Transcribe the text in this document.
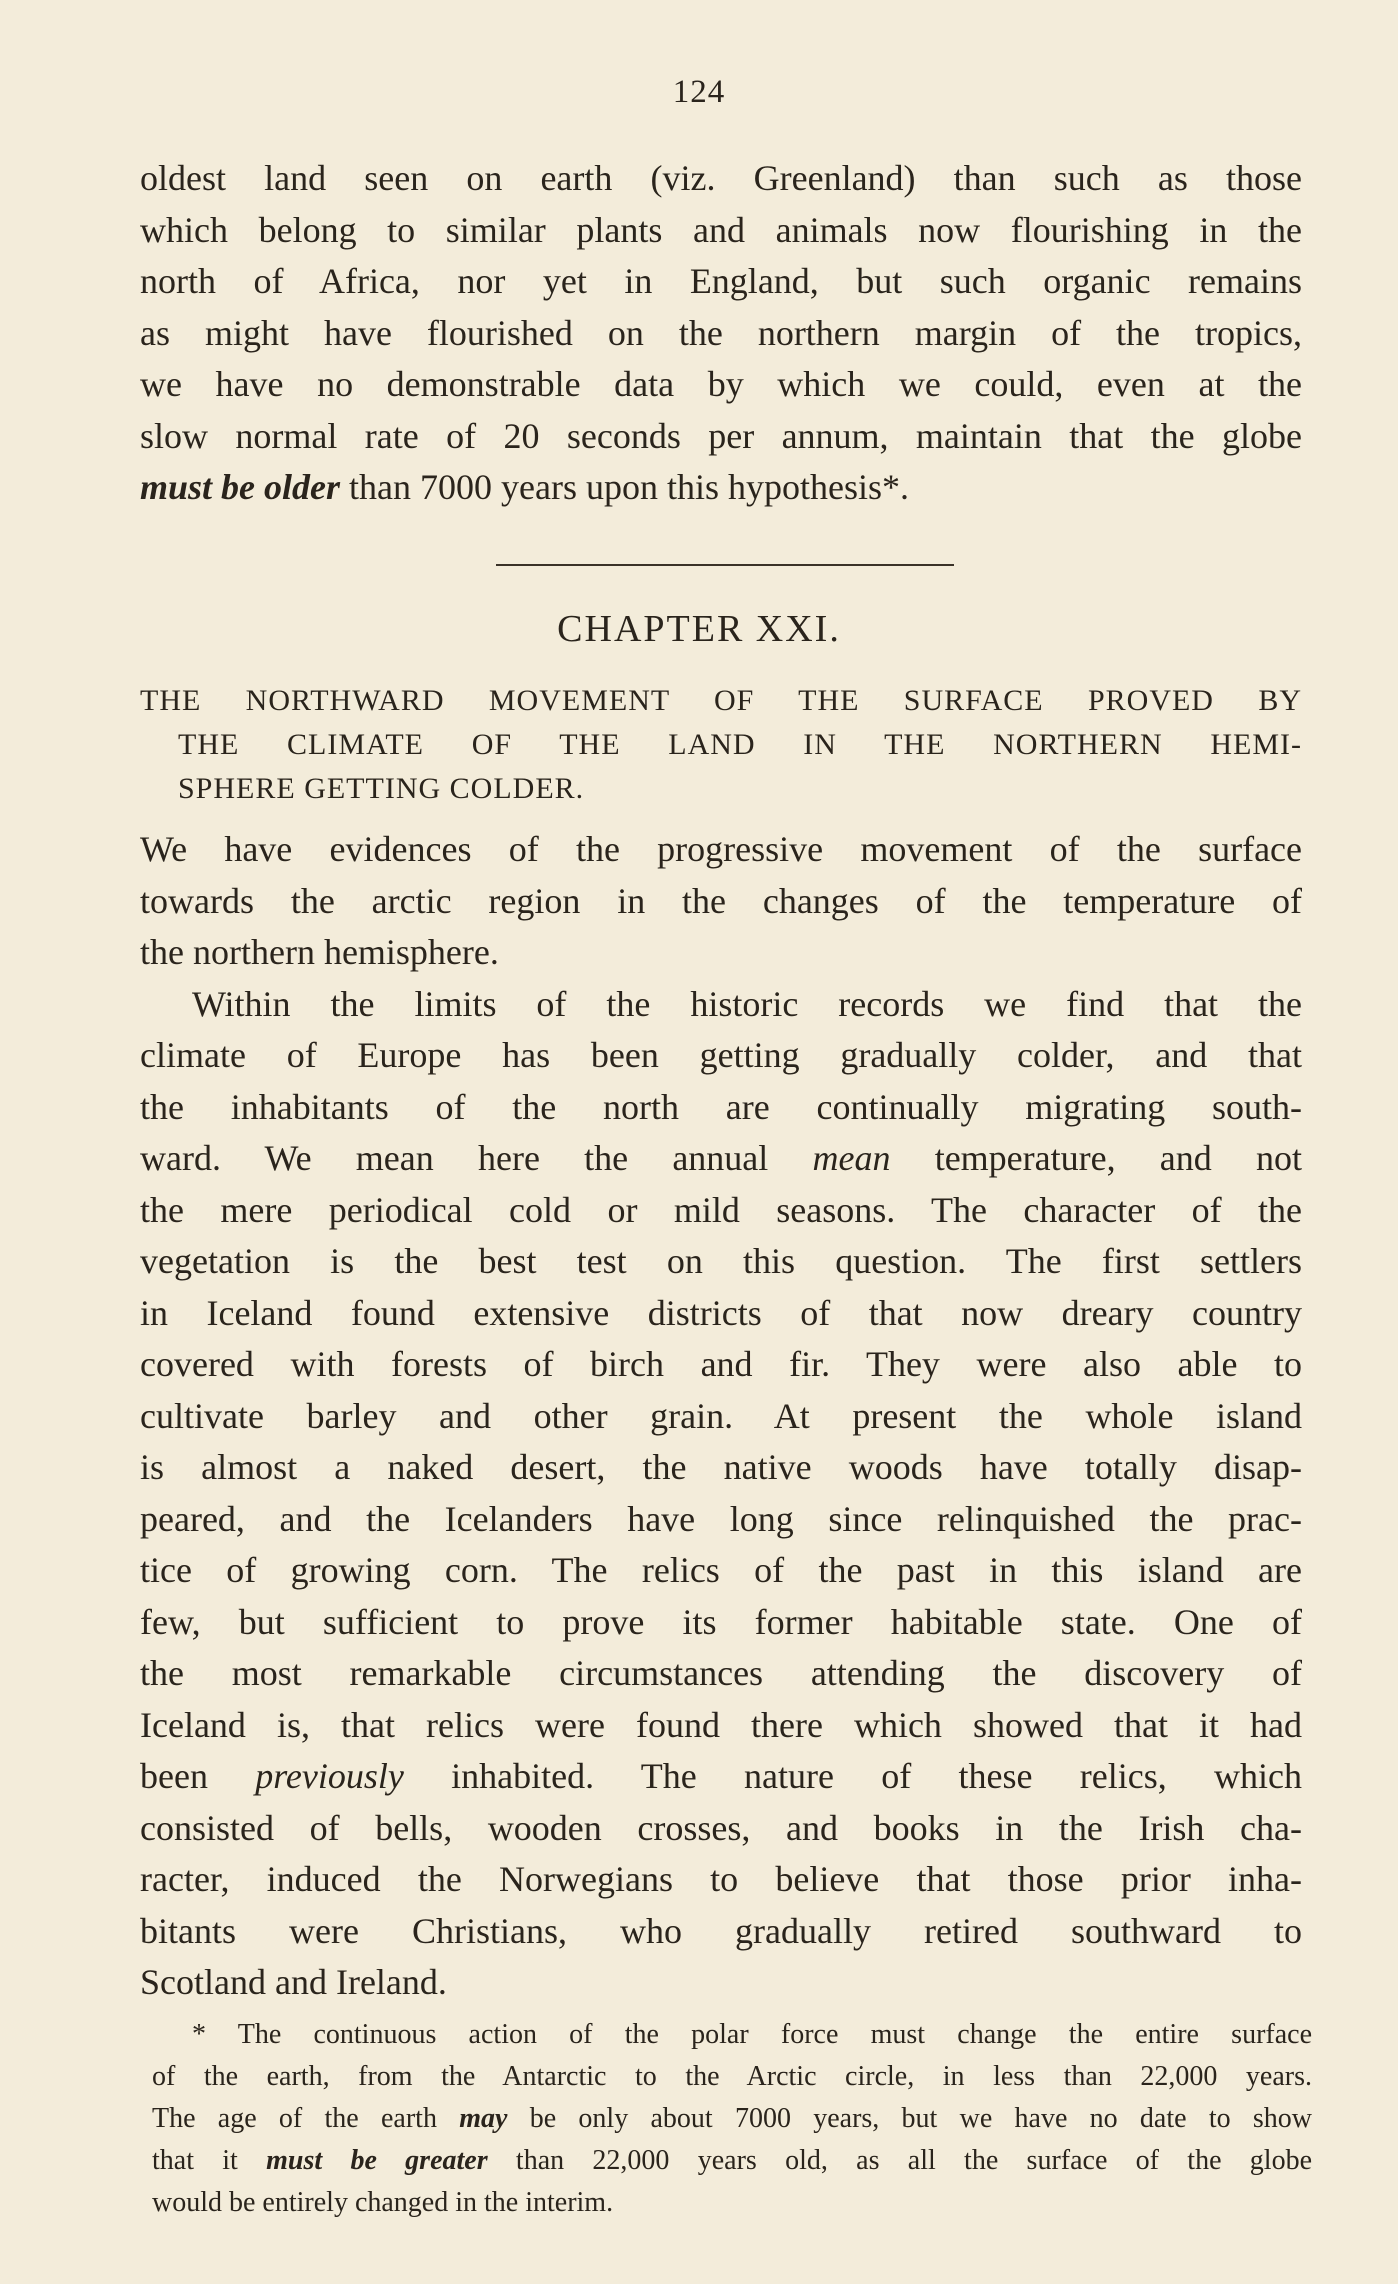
124
oldest land seen on earth (viz. Greenland) than such as those
which belong to similar plants and animals now flourishing in the
north of Africa, nor yet in England, but such organic remains
as might have flourished on the northern margin of the tropics,
we have no demonstrable data by which we could, even at the
slow normal rate of 20 seconds per annum, maintain that the globe
must be older than 7000 years upon this hypothesis*.
CHAPTER XXI.
THE NORTHWARD MOVEMENT OF THE SURFACE PROVED BY
THE CLIMATE OF THE LAND IN THE NORTHERN HEMI-
SPHERE GETTING COLDER.
We have evidences of the progressive movement of the surface
towards the arctic region in the changes of the temperature of
the northern hemisphere.
Within the limits of the historic records we find that the
climate of Europe has been getting gradually colder, and that
the inhabitants of the north are continually migrating south-
ward. We mean here the annual mean temperature, and not
the mere periodical cold or mild seasons. The character of the
vegetation is the best test on this question. The first settlers
in Iceland found extensive districts of that now dreary country
covered with forests of birch and fir. They were also able to
cultivate barley and other grain. At present the whole island
is almost a naked desert, the native woods have totally disap-
peared, and the Icelanders have long since relinquished the prac-
tice of growing corn. The relics of the past in this island are
few, but sufficient to prove its former habitable state. One of
the most remarkable circumstances attending the discovery of
Iceland is, that relics were found there which showed that it had
been previously inhabited. The nature of these relics, which
consisted of bells, wooden crosses, and books in the Irish cha-
racter, induced the Norwegians to believe that those prior inha-
bitants were Christians, who gradually retired southward to
Scotland and Ireland.
* The continuous action of the polar force must change the entire surface
of the earth, from the Antarctic to the Arctic circle, in less than 22,000 years.
The age of the earth may be only about 7000 years, but we have no date to show
that it must be greater than 22,000 years old, as all the surface of the globe
would be entirely changed in the interim.
